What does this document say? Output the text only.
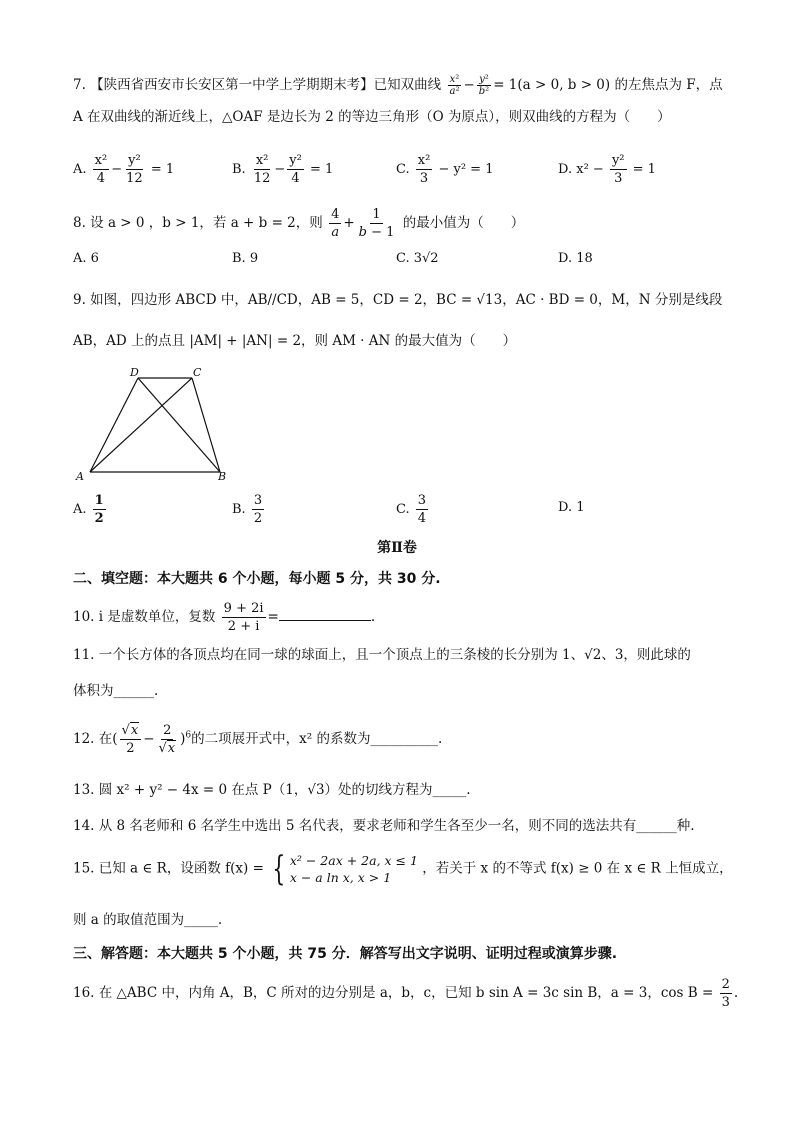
7. 【陕西省西安市长安区第一中学上学期期末考】已知双曲线 $\frac{\text{x²}}{\text{a²}} - \frac{\text{y²}}{\text{b²}} = 1(a > 0$, b > 0) 的左焦点为 F，点
A 在双曲线的渐近线上，△OAF 是边长为 2 的等边三角形（O 为原点），则双曲线的方程为（　　）
A. $\frac{\text{x²}}{4} - \frac{\text{y²}}{12} = 1$	B. $\frac{\text{x²}}{12} - \frac{\text{y²}}{4} = 1$	C. $\frac{\text{x²}}{3} - y^2 = 1$	D. $x^2 - \frac{\text{y²}}{3} = 1$
8. 设 a > 0 ，b > 1，若 a + b = 2，则 $\frac{4}{a} + \frac{1}{b - 1}$ 的最小值为（　　）
A. 6	B. 9	C. 3√2	D. 18
9. 如图，四边形 ABCD 中，AB//CD，AB = 5，CD = 2，BC = √13，AC · BD = 0，M，N 分别是线段
AB，AD 上的点且 |AM| + |AN| = 2，则 AM · AN 的最大值为（　　）
D	C
A	B
A. $\frac{1}{2}$	B. $\frac{3}{2}$	C. $\frac{3}{4}$	D. 1
第Ⅱ卷
二、填空题：本大题共 6 个小题，每小题 5 分，共 30 分.
10. i 是虚数单位，复数 $\frac{9 + 2i}{2 + i}$ =	.
11. 一个长方体的各顶点均在同一球的球面上，且一个顶点上的三条棱的长分别为 1、√2、3，则此球的
体积为______.
12. 在( $\frac{√x}{2} - \frac{2}{√x} )^6$的二项展开式中，x² 的系数为__________.
13. 圆 x² + y² − 4x = 0 在点 P（1，√3）处的切线方程为_____.
14. 从 8 名老师和 6 名学生中选出 5 名代表，要求老师和学生各至少一名，则不同的选法共有______种.
15. 已知 a ∈ R，设函数 f(x) = { x² − 2ax + 2a, x ≤ 1
x − a ln x, x > 1
，若关于 x 的不等式 f(x) ≥ 0 在 x ∈ R 上恒成立，
则 a 的取值范围为_____.
三、解答题：本大题共 5 个小题，共 75 分．解答写出文字说明、证明过程或演算步骤.
16. 在 △ABC 中，内角 A，B，C 所对的边分别是 a，b，c，已知 b sin A = 3c sin B，a = 3，$\cos B = \frac{2}{3}$ .
